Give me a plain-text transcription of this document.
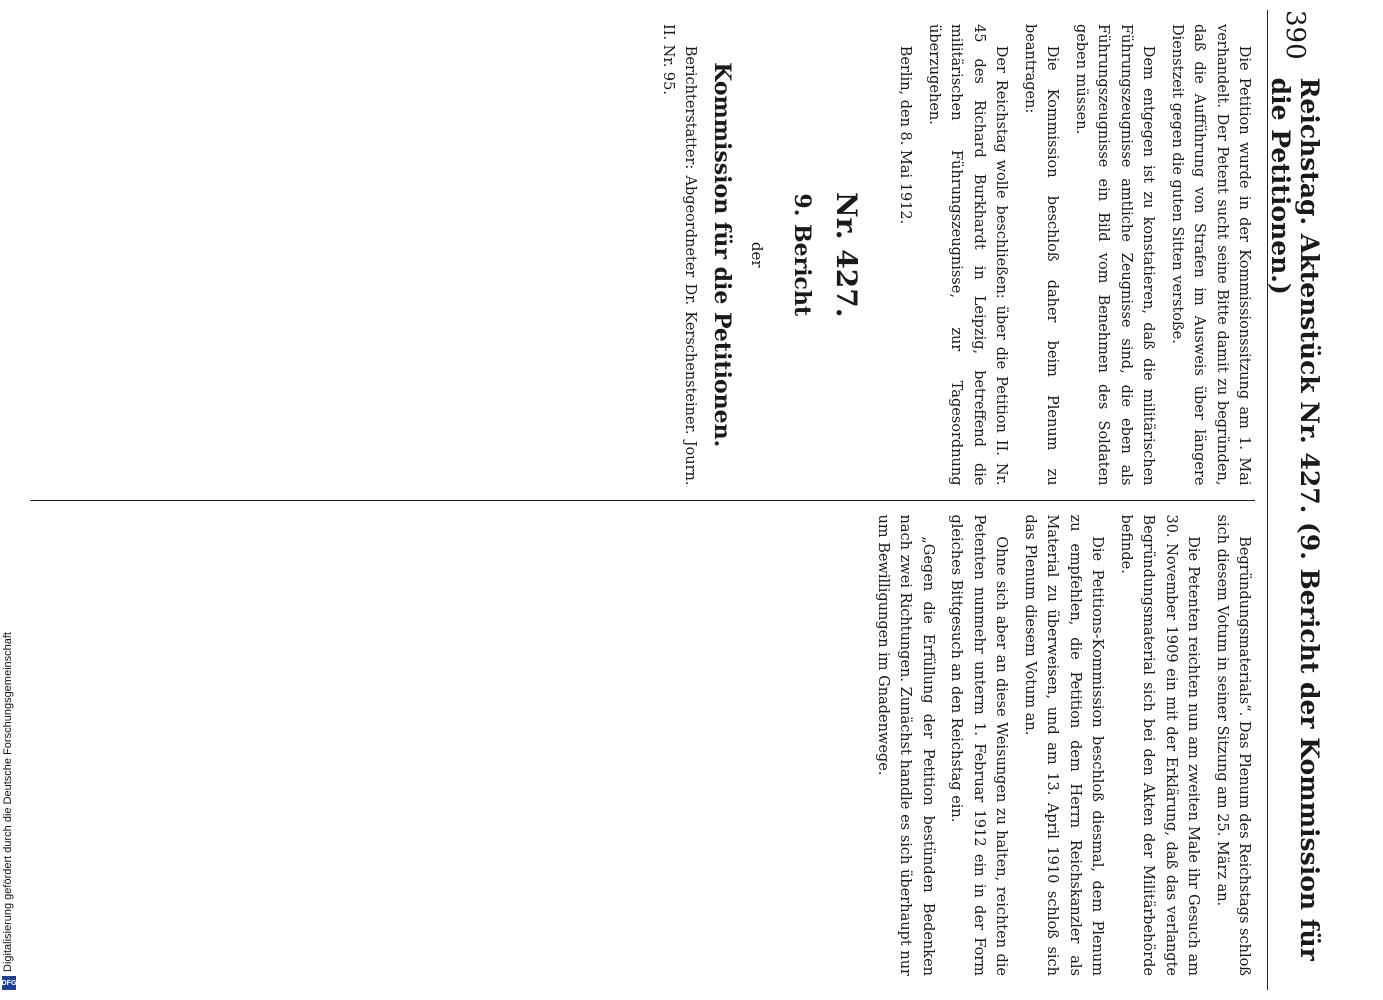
390
Reichstag. Aktenstück Nr. 427. (9. Bericht der Kommission für die Petitionen.)

Die Petition wurde in der Kommissionssitzung am 1. Mai verhandelt. Der Petent sucht seine Bitte damit zu begründen, daß die Aufführung von Strafen im Ausweis über längere Dienstzeit gegen die guten Sitten verstoße.

Dem entgegen ist zu konstatieren, daß die militärischen Führungszeugnisse amtliche Zeugnisse sind, die eben als Führungszeugnisse ein Bild vom Benehmen des Soldaten geben müssen.

Die Kommission beschloß daher beim Plenum zu beantragen:

Der Reichstag wolle beschließen: über die Petition II. Nr. 45 des Richard Burkhardt in Leipzig, betreffend die militärischen Führungszeugnisse, zur Tagesordnung überzugehen.

Berlin, den 8. Mai 1912.

Nr. 427.
9. Bericht
der
Kommission für die Petitionen.

Berichterstatter: Abgeordneter Dr. Kerschensteiner. Journ. II. Nr. 95.

Begründungsmaterials“. Das Plenum des Reichstags schloß sich diesem Votum in seiner Sitzung am 25. März an.

Die Petenten reichten nun am zweiten Male ihr Gesuch am 30. November 1909 ein mit der Erklärung, daß das verlangte Begründungsmaterial sich bei den Akten der Militärbehörde befinde.

Die Petitions-Kommission beschloß diesmal, dem Plenum zu empfehlen, die Petition dem Herrn Reichskanzler als Material zu überweisen, und am 13. April 1910 schloß sich das Plenum diesem Votum an.

Ohne sich aber an diese Weisungen zu halten, reichten die Petenten nunmehr unterm 1. Februar 1912 ein in der Form gleiches Bittgesuch an den Reichstag ein.

„Gegen die Erfüllung der Petition bestünden Bedenken nach zwei Richtungen. Zunächst handle es sich überhaupt nur um Bewilligungen im Gnadenwege.

Digitalisierung gefördert durch die Deutsche Forschungsgemeinschaft
DFG
